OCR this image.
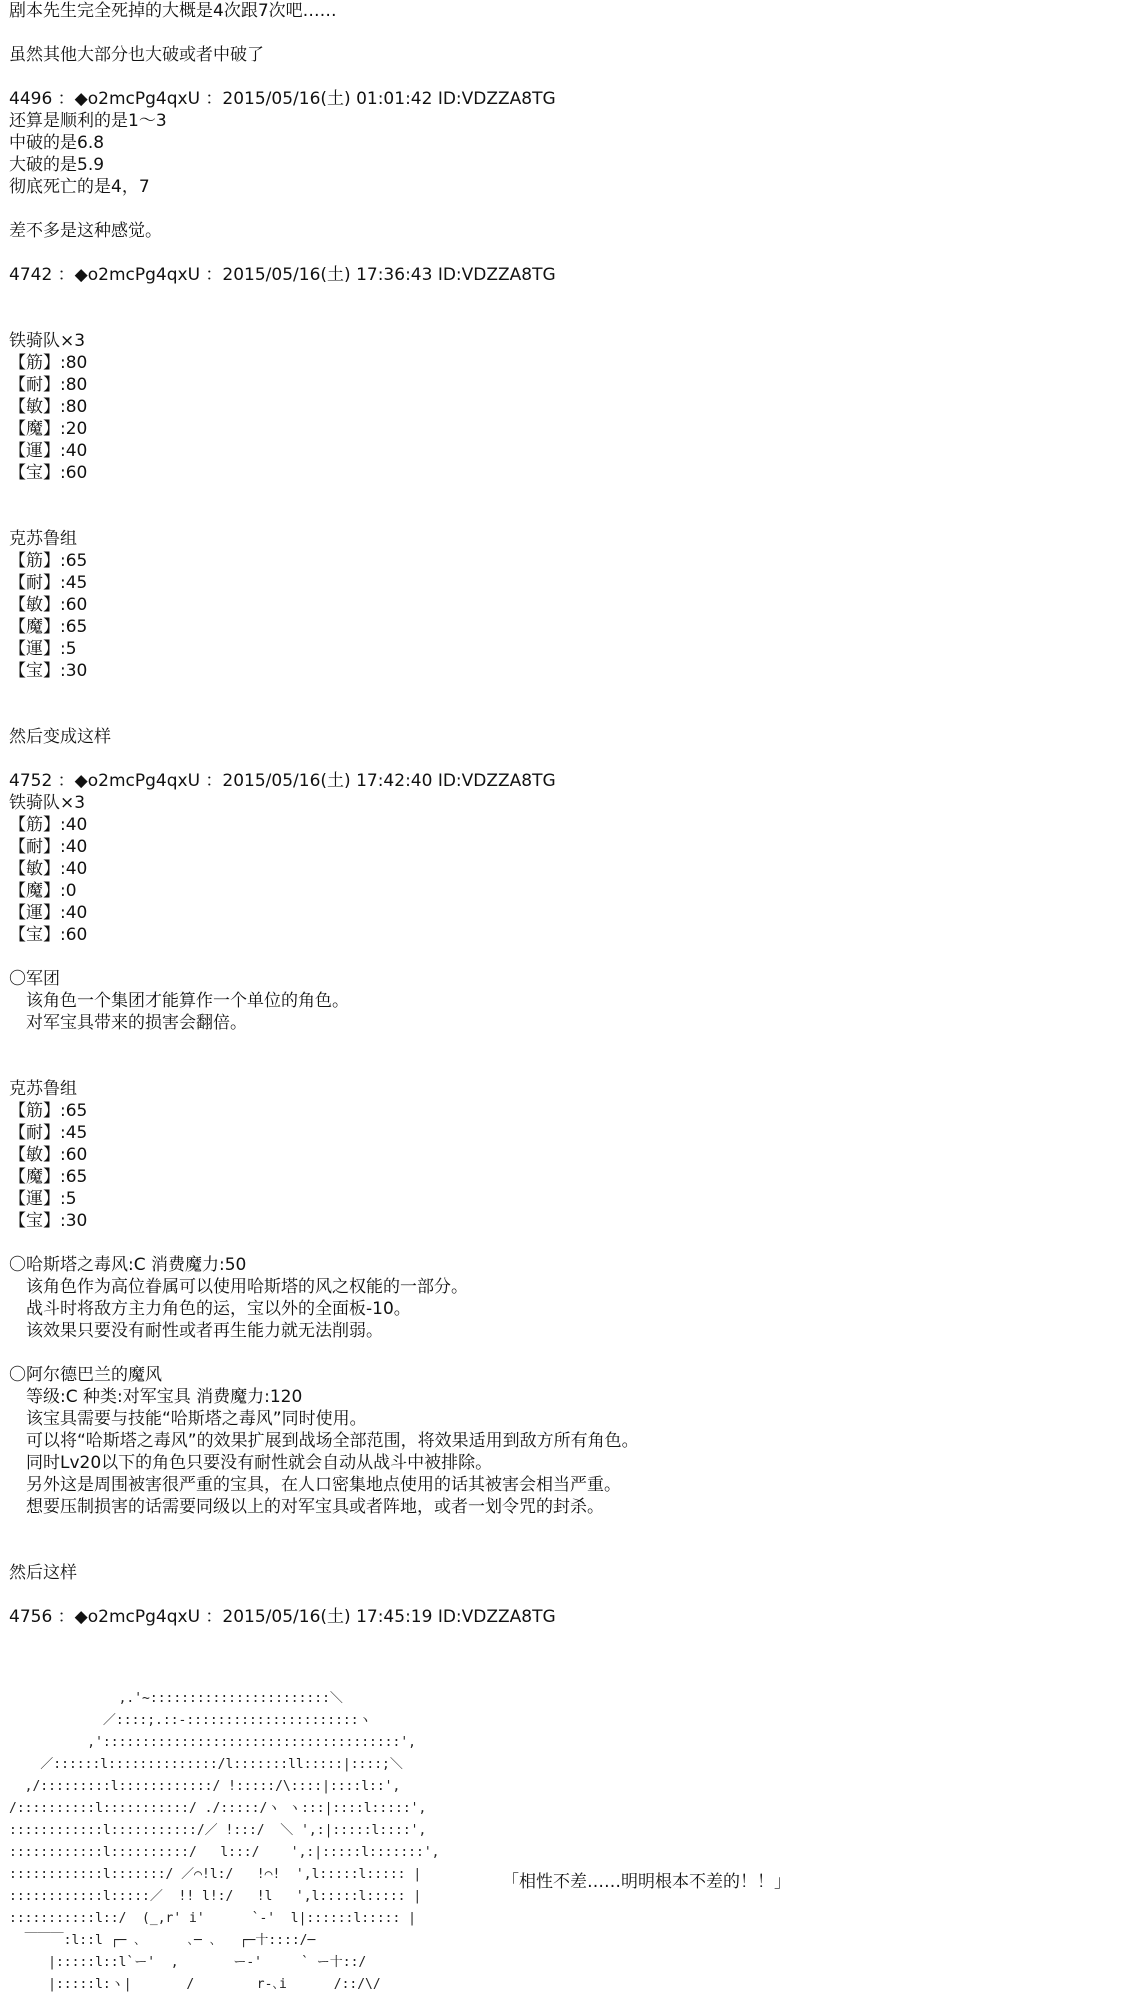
剧本先生完全死掉的大概是4次跟7次吧……
虽然其他大部分也大破或者中破了
4496 ：◆o2mcPg4qxU ：2015/05/16(土) 01:01:42 ID:VDZZA8TG
还算是顺利的是1～3
中破的是6.8
大破的是5.9
彻底死亡的是4，7
差不多是这种感觉。
4742 ：◆o2mcPg4qxU ：2015/05/16(土) 17:36:43 ID:VDZZA8TG
铁骑队×3
【筋】:80
【耐】:80
【敏】:80
【魔】:20
【運】:40
【宝】:60
克苏鲁组
【筋】:65
【耐】:45
【敏】:60
【魔】:65
【運】:5
【宝】:30
然后变成这样
4752 ：◆o2mcPg4qxU ：2015/05/16(土) 17:42:40 ID:VDZZA8TG
铁骑队×3
【筋】:40
【耐】:40
【敏】:40
【魔】:0
【運】:40
【宝】:60
〇军团
　该角色一个集团才能算作一个单位的角色。
　对军宝具带来的损害会翻倍。
克苏鲁组
【筋】:65
【耐】:45
【敏】:60
【魔】:65
【運】:5
【宝】:30
〇哈斯塔之毒风:C 消费魔力:50
　该角色作为高位眷属可以使用哈斯塔的风之权能的一部分。
　战斗时将敌方主力角色的运，宝以外的全面板-10。
　该效果只要没有耐性或者再生能力就无法削弱。
〇阿尔德巴兰的魔风
　等级:C 种类:对军宝具 消费魔力:120
　该宝具需要与技能“哈斯塔之毒风”同时使用。
　可以将“哈斯塔之毒风”的效果扩展到战场全部范围，将效果适用到敌方所有角色。
　同时Lv20以下的角色只要没有耐性就会自动从战斗中被排除。
　另外这是周围被害很严重的宝具，在人口密集地点使用的话其被害会相当严重。
　想要压制损害的话需要同级以上的对军宝具或者阵地，或者一划令咒的封杀。
然后这样
4756 ：◆o2mcPg4qxU ：2015/05/16(土) 17:45:19 ID:VDZZA8TG
,.'~:::::::::::::::::::::::＼
／::::;.::-::::::::::::::::::::::ヽ
,'::::::::::::::::::::::::::::::::::::::',
／::::::l::::::::::::::/l:::::::ll:::::|::::;＼
,/:::::::::l::::::::::::/ !:::::/\::::|::::l::',
/::::::::::l:::::::::::/ ./:::::/ヽ ヽ:::|::::l:::::',
::::::::::::l:::::::::::/／ !:::/  ＼ ',:|:::::l::::',
::::::::::::l::::::::::/   l:::/    ',:|:::::l:::::::',
::::::::::::l:::::::/ ／⌒!l:/   !⌒!  ',l:::::l::::: |
::::::::::::l:::::／  !! l!:/   !l   ',l:::::l::::: |
:::::::::::l::/  (_,r' i'      `-'  l|::::::l::::: |
￣￣￣:l::l ┌─ ､      ､─ ､   ┌─十::::/─
|:::::l::l`ー'  ,       ー-'     ` ー十::/
|:::::l:ヽ|       /        r‐､i      /::/\/
「相性不差……明明根本不差的！！」
